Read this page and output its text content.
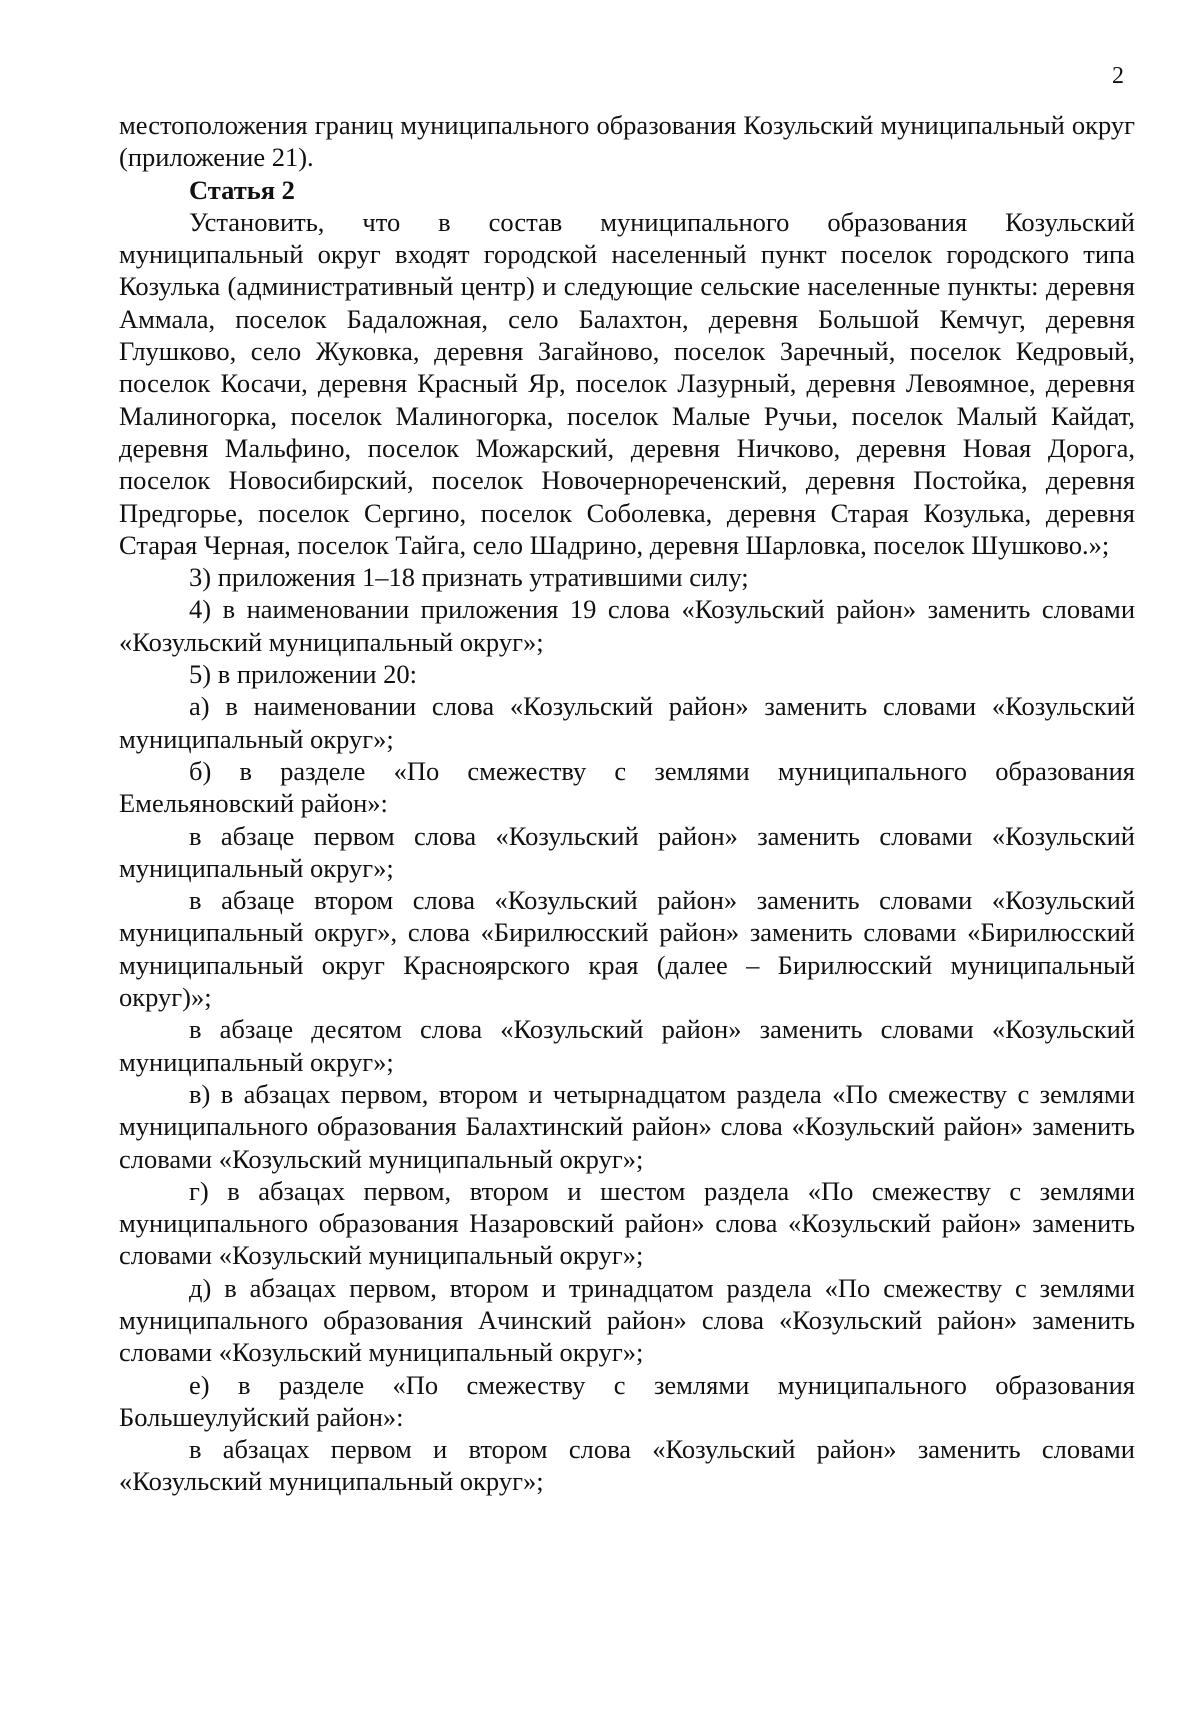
2

местоположения границ муниципального образования Козульский муниципальный округ (приложение 21).

Статья 2

Установить, что в состав муниципального образования Козульский муниципальный округ входят городской населенный пункт поселок городского типа Козулька (административный центр) и следующие сельские населенные пункты: деревня Аммала, поселок Бадаложная, село Балахтон, деревня Большой Кемчуг, деревня Глушково, село Жуковка, деревня Загайново, поселок Заречный, поселок Кедровый, поселок Косачи, деревня Красный Яр, поселок Лазурный, деревня Левоямное, деревня Малиногорка, поселок Малиногорка, поселок Малые Ручьи, поселок Малый Кайдат, деревня Мальфино, поселок Можарский, деревня Ничково, деревня Новая Дорога, поселок Новосибирский, поселок Новочернореченский, деревня Постойка, деревня Предгорье, поселок Сергино, поселок Соболевка, деревня Старая Козулька, деревня Старая Черная, поселок Тайга, село Шадрино, деревня Шарловка, поселок Шушково.»;

3) приложения 1–18 признать утратившими силу;

4) в наименовании приложения 19 слова «Козульский район» заменить словами «Козульский муниципальный округ»;

5) в приложении 20:

а) в наименовании слова «Козульский район» заменить словами «Козульский муниципальный округ»;

б) в разделе «По смежеству с землями муниципального образования Емельяновский район»:

в абзаце первом слова «Козульский район» заменить словами «Козульский муниципальный округ»;

в абзаце втором слова «Козульский район» заменить словами «Козульский муниципальный округ», слова «Бирилюсский район» заменить словами «Бирилюсский муниципальный округ Красноярского края (далее – Бирилюсский муниципальный округ)»;

в абзаце десятом слова «Козульский район» заменить словами «Козульский муниципальный округ»;

в) в абзацах первом, втором и четырнадцатом раздела «По смежеству с землями муниципального образования Балахтинский район» слова «Козульский район» заменить словами «Козульский муниципальный округ»;

г) в абзацах первом, втором и шестом раздела «По смежеству с землями муниципального образования Назаровский район» слова «Козульский район» заменить словами «Козульский муниципальный округ»;

д) в абзацах первом, втором и тринадцатом раздела «По смежеству с землями муниципального образования Ачинский район» слова «Козульский район» заменить словами «Козульский муниципальный округ»;

е) в разделе «По смежеству с землями муниципального образования Большеулуйский район»:

в абзацах первом и втором слова «Козульский район» заменить словами «Козульский муниципальный округ»;
